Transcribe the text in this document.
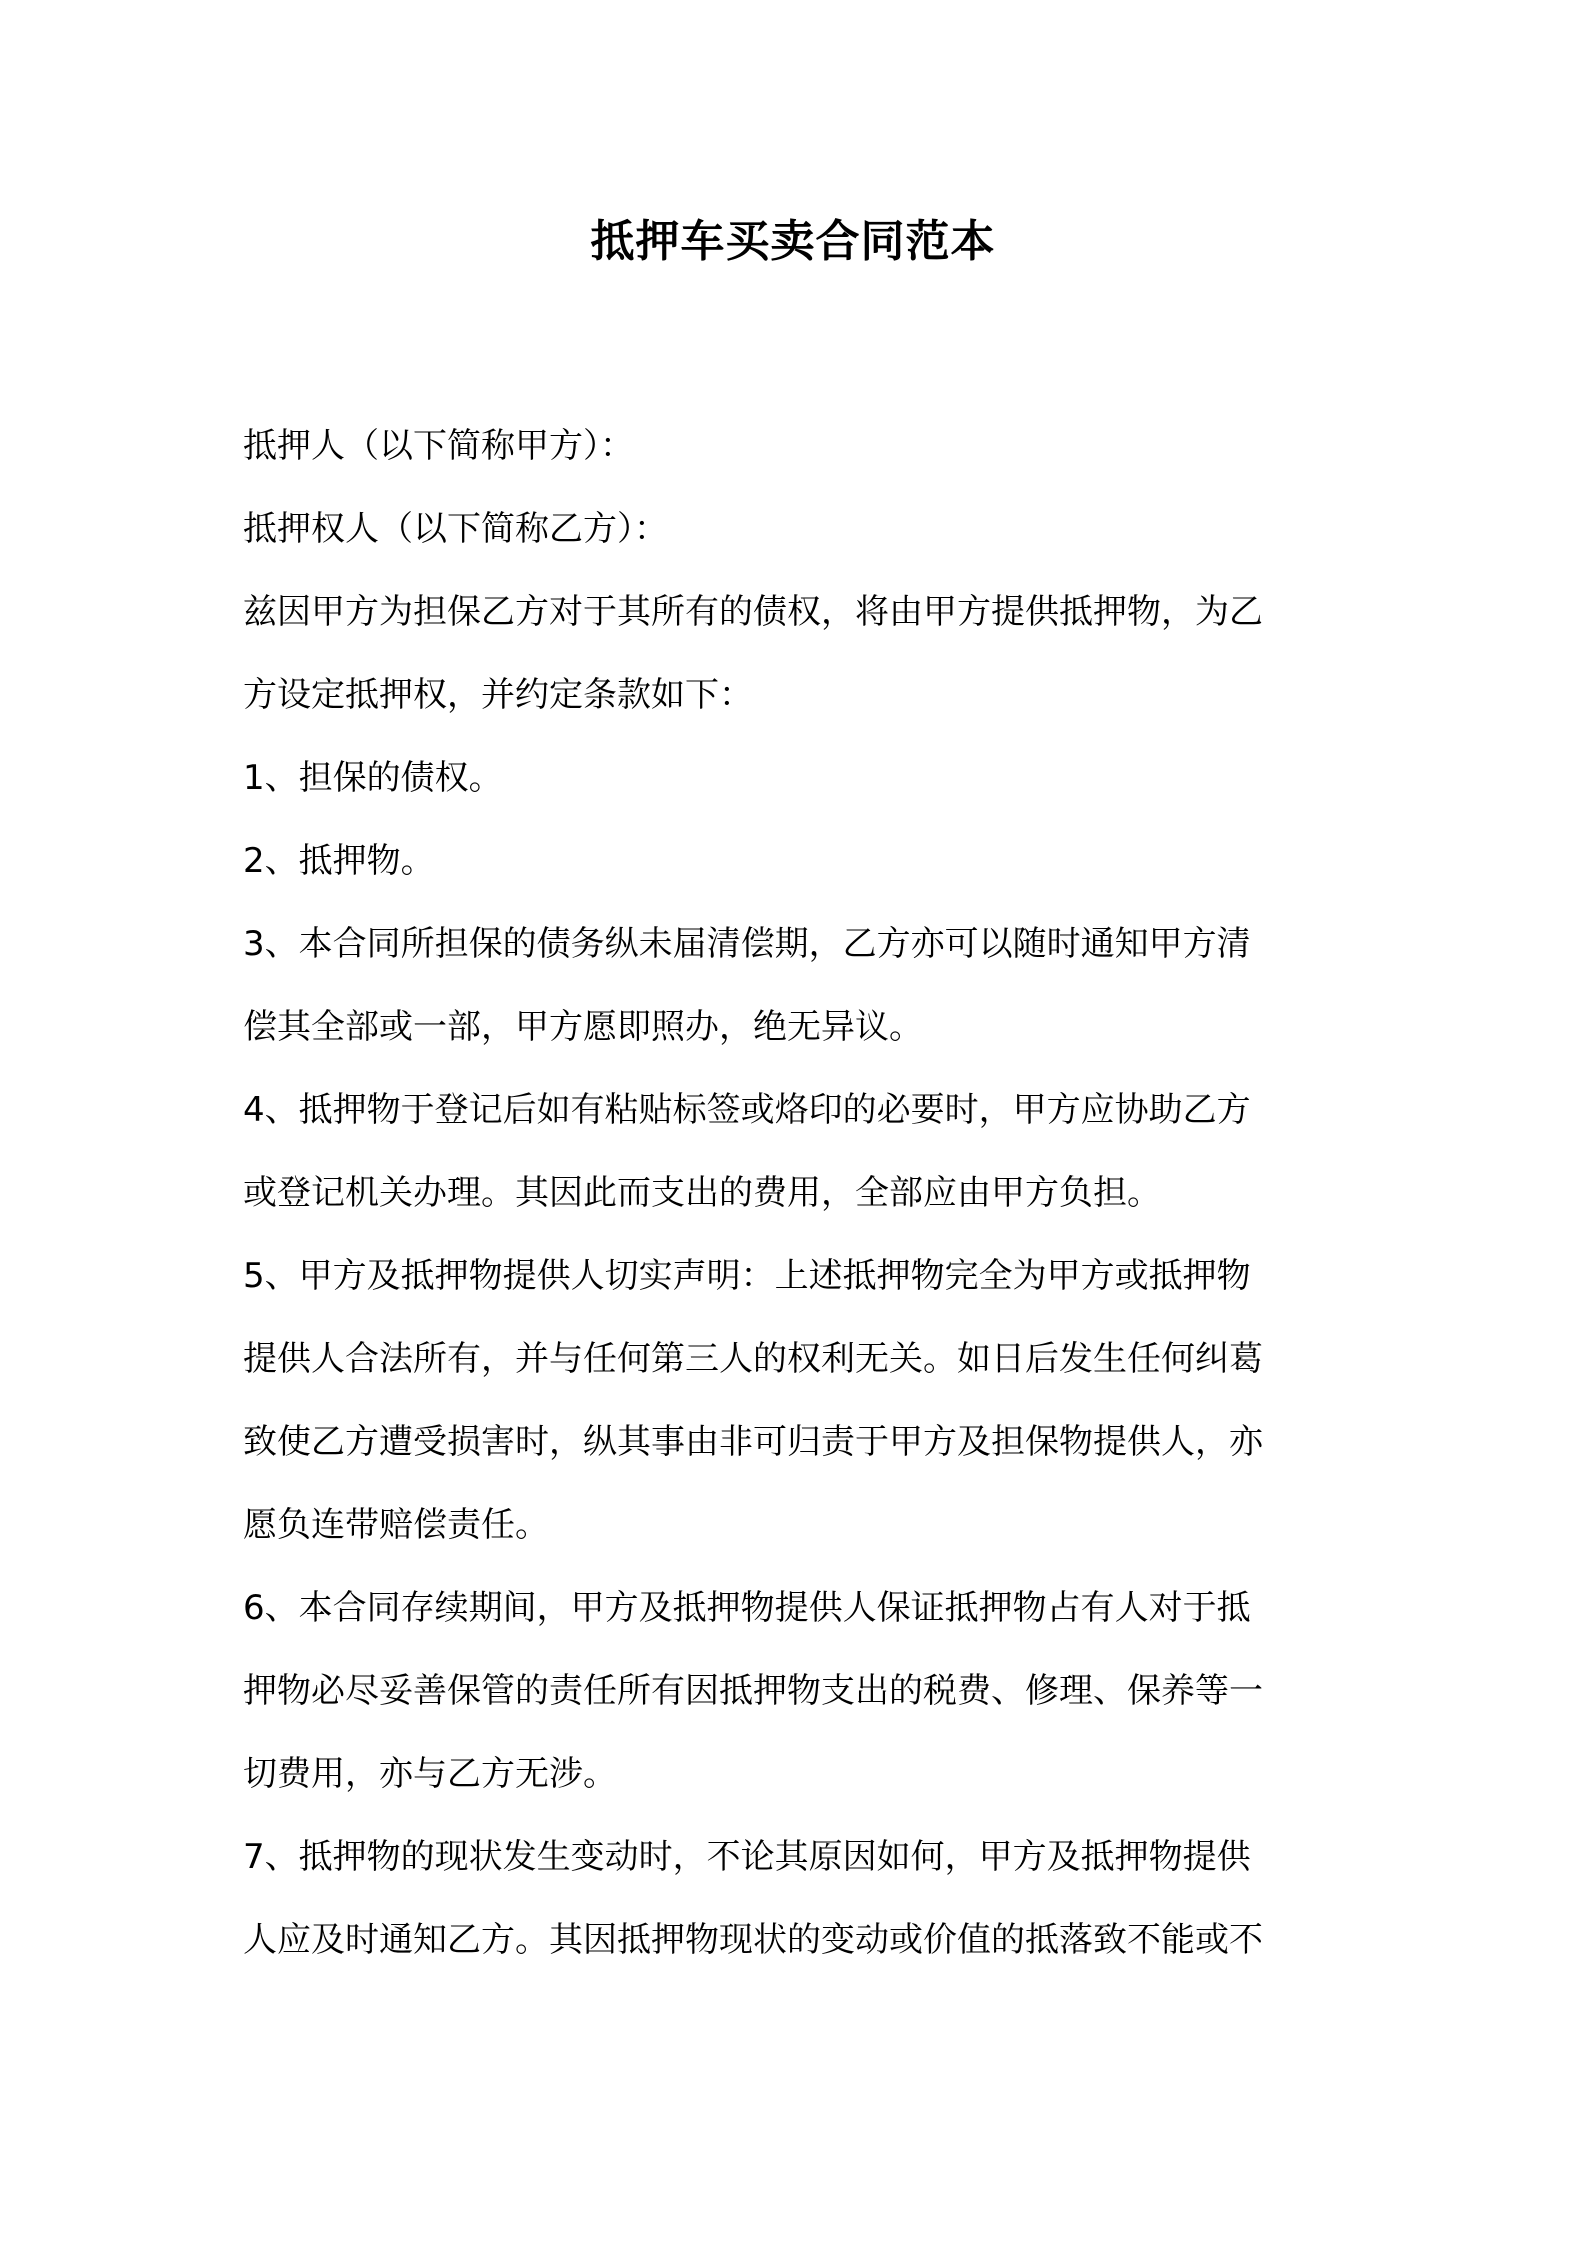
抵押车买卖合同范本
抵押人（以下简称甲方）：
抵押权人（以下简称乙方）：
兹因甲方为担保乙方对于其所有的债权，将由甲方提供抵押物，为乙
方设定抵押权，并约定条款如下：
1、担保的债权。
2、抵押物。
3、本合同所担保的债务纵未届清偿期，乙方亦可以随时通知甲方清
偿其全部或一部，甲方愿即照办，绝无异议。
4、抵押物于登记后如有粘贴标签或烙印的必要时，甲方应协助乙方
或登记机关办理。其因此而支出的费用，全部应由甲方负担。
5、甲方及抵押物提供人切实声明：上述抵押物完全为甲方或抵押物
提供人合法所有，并与任何第三人的权利无关。如日后发生任何纠葛
致使乙方遭受损害时，纵其事由非可归责于甲方及担保物提供人，亦
愿负连带赔偿责任。
6、本合同存续期间，甲方及抵押物提供人保证抵押物占有人对于抵
押物必尽妥善保管的责任所有因抵押物支出的税费、修理、保养等一
切费用，亦与乙方无涉。
7、抵押物的现状发生变动时，不论其原因如何，甲方及抵押物提供
人应及时通知乙方。其因抵押物现状的变动或价值的抵落致不能或不
